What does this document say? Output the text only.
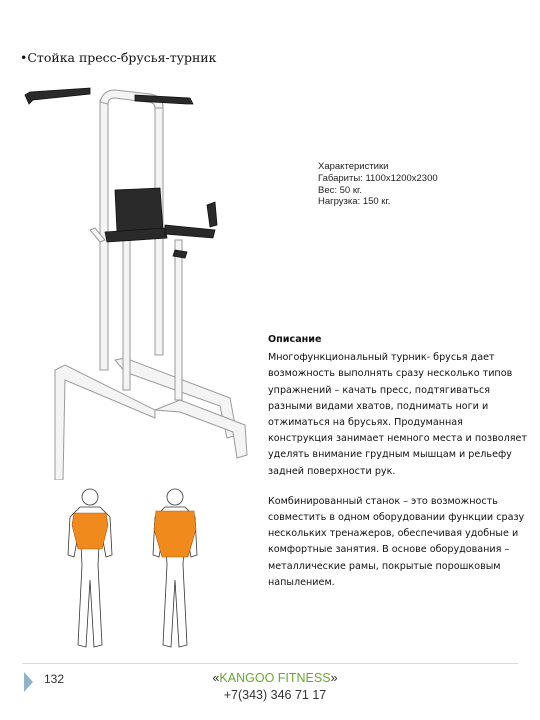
•Стойка пресс-брусья-турник
Характеристики
Габариты: 1100х1200х2300
Вес: 50 кг.
Нагрузка: 150 кг.
Описание

Многофункциональный турник- брусья дает возможность выполнять сразу несколько типов упражнений – качать пресс, подтягиваться разными видами хватов, поднимать ноги и отжиматься на брусьях. Продуманная конструкция занимает немного места и позволяет уделять внимание грудным мышцам и рельефу задней поверхности рук.

Комбинированный станок – это возможность совместить в одном оборудовании функции сразу нескольких тренажеров, обеспечивая удобные и комфортные занятия. В основе оборудования –металлические рамы, покрытые порошковым напылением.

132	«KANGOO FITNESS»
+7(343) 346 71 17
